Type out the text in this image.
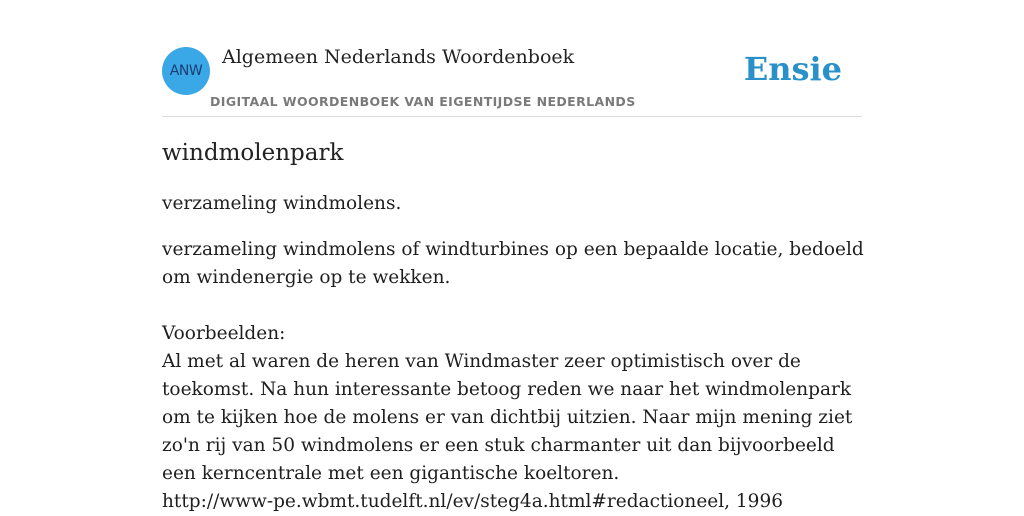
ANW
Algemeen Nederlands Woordenboek
DIGITAAL WOORDENBOEK VAN EIGENTIJDSE NEDERLANDS
Ensie
windmolenpark

verzameling windmolens.

verzameling windmolens of windturbines op een bepaalde locatie, bedoeld om windenergie op te wekken.

Voorbeelden:
Al met al waren de heren van Windmaster zeer optimistisch over de toekomst. Na hun interessante betoog reden we naar het windmolenpark om te kijken hoe de molens er van dichtbij uitzien. Naar mijn mening ziet zo'n rij van 50 windmolens er een stuk charmanter uit dan bijvoorbeeld een kerncentrale met een gigantische koeltoren.
http://www-pe.wbmt.tudelft.nl/ev/steg4a.html#redactioneel, 1996
